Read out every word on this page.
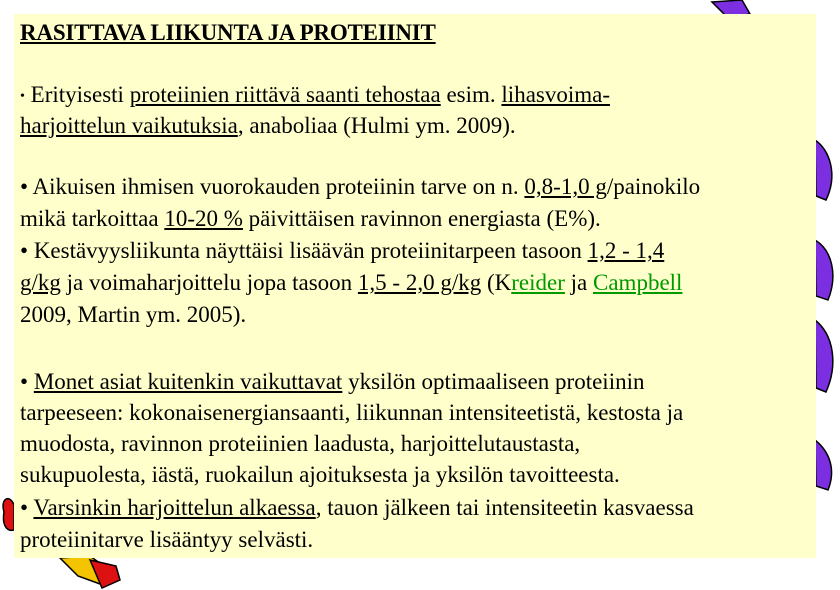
RASITTAVA LIIKUNTA JA PROTEIINIT
• Erityisesti proteiinien riittävä saanti tehostaa esim. lihasvoima-
harjoittelun vaikutuksia, anaboliaa (Hulmi ym. 2009).
• Aikuisen ihmisen vuorokauden proteiinin tarve on n. 0,8-1,0 g/painokilo
mikä tarkoittaa 10-20 % päivittäisen ravinnon energiasta (E%).
• Kestävyysliikunta näyttäisi lisäävän proteiinitarpeen tasoon 1,2 - 1,4
g/kg ja voimaharjoittelu jopa tasoon 1,5 - 2,0 g/kg (Kreider ja Campbell
2009, Martin ym. 2005).
• Monet asiat kuitenkin vaikuttavat yksilön optimaaliseen proteiinin
tarpeeseen: kokonaisenergiansaanti, liikunnan intensiteetistä, kestosta ja
muodosta, ravinnon proteiinien laadusta, harjoittelutaustasta,
sukupuolesta, iästä, ruokailun ajoituksesta ja yksilön tavoitteesta.
• Varsinkin harjoittelun alkaessa, tauon jälkeen tai intensiteetin kasvaessa
proteiinitarve lisääntyy selvästi.
